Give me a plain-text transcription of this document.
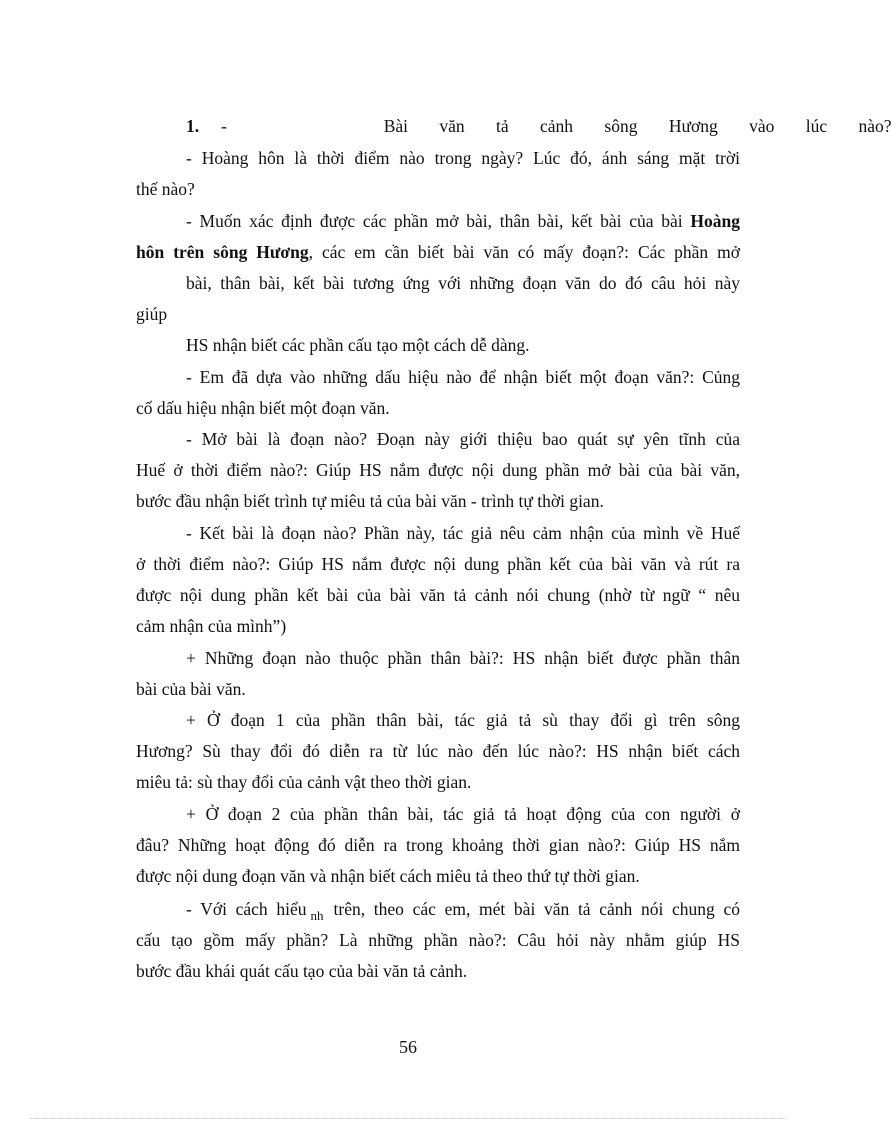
1. -	Bài văn tả cảnh sông Hương vào lúc nào?
- Hoàng hôn là thời điểm nào trong ngày? Lúc đó, ánh sáng mặt trời
thế nào?
- Muốn xác định được các phần mở bài, thân bài, kết bài của bài Hoàng
hôn trên sông Hương, các em cần biết bài văn có mấy đoạn?: Các phần mở
bài, thân bài, kết bài tương ứng với những đoạn văn do đó câu hỏi này
giúp
HS nhận biết các phần cấu tạo một cách dễ dàng.
- Em đã dựa vào những dấu hiệu nào để nhận biết một đoạn văn?: Củng
cố dấu hiệu nhận biết một đoạn văn.
- Mở bài là đoạn nào? Đoạn này giới thiệu bao quát sự yên tĩnh của
Huế ở thời điểm nào?: Giúp HS nắm được nội dung phần mở bài của bài văn,
bước đầu nhận biết trình tự miêu tả của bài văn - trình tự thời gian.
- Kết bài là đoạn nào? Phần này, tác giả nêu cảm nhận của mình về Huế
ở thời điểm nào?: Giúp HS nắm được nội dung phần kết của bài văn và rút ra
được nội dung phần kết bài của bài văn tả cảnh nói chung (nhờ từ ngữ “ nêu
cảm nhận của mình”)
+ Những đoạn nào thuộc phần thân bài?: HS nhận biết được phần thân
bài của bài văn.
+ Ở đoạn 1 của phần thân bài, tác giả tả sù thay đổi gì trên sông
Hương? Sù thay đổi đó diễn ra từ lúc nào đến lúc nào?: HS nhận biết cách
miêu tả: sù thay đổi của cảnh vật theo thời gian.
+ Ở đoạn 2 của phần thân bài, tác giả tả hoạt động của con người ở
đâu? Những hoạt động đó diễn ra trong khoảng thời gian nào?: Giúp HS nắm
được nội dung đoạn văn và nhận biết cách miêu tả theo thứ tự thời gian.
- Với cách hiểu $_{nh}$ trên, theo các em, mét bài văn tả cảnh nói chung có
cấu tạo gồm mấy phần? Là những phần nào?: Câu hỏi này nhằm giúp HS
bước đầu khái quát cấu tạo của bài văn tả cảnh.
56
